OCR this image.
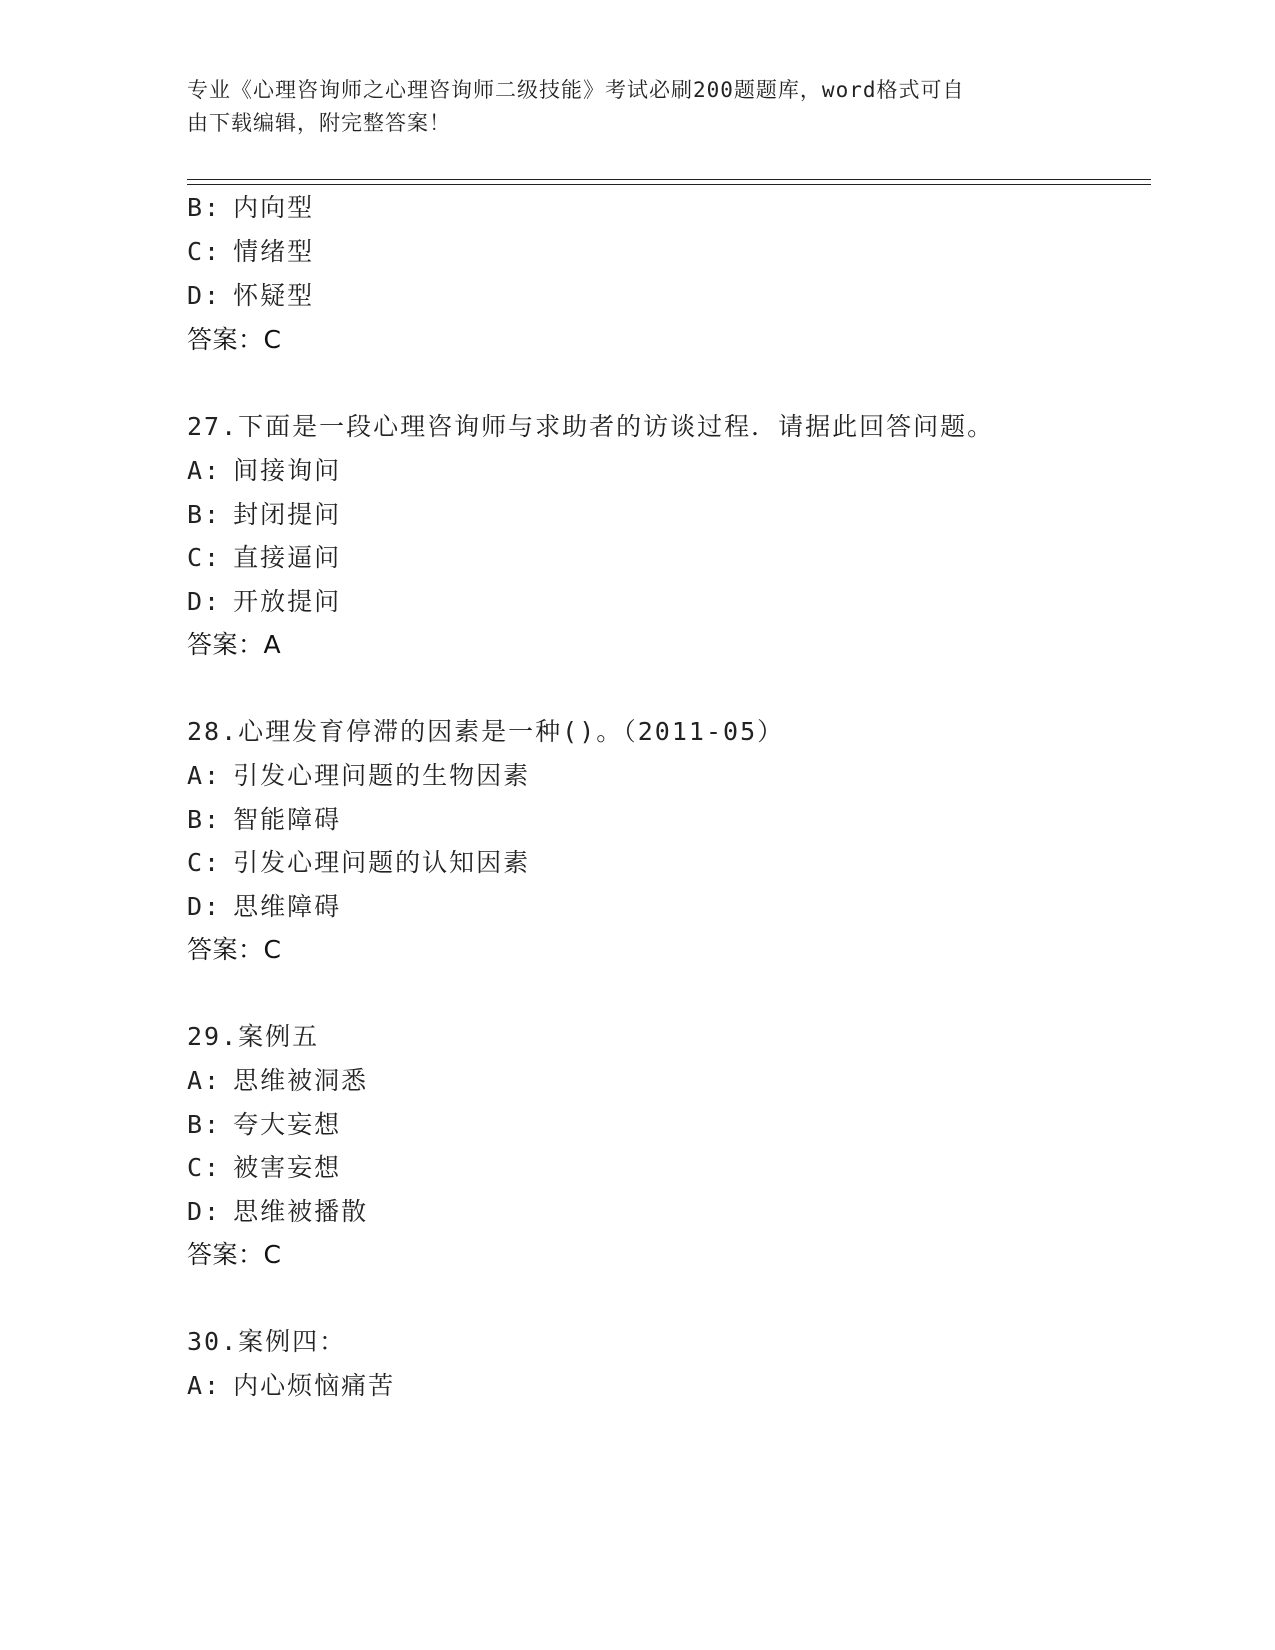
专业《心理咨询师之心理咨询师二级技能》考试必刷200题题库，word格式可自
由下载编辑，附完整答案！
B: 内向型
C: 情绪型
D: 怀疑型
答案：C
27.下面是一段心理咨询师与求助者的访谈过程．请据此回答问题。
A: 间接询问
B: 封闭提问
C: 直接逼问
D: 开放提问
答案：A
28.心理发育停滞的因素是一种()。（2011-05）
A: 引发心理问题的生物因素
B: 智能障碍
C: 引发心理问题的认知因素
D: 思维障碍
答案：C
29.案例五
A: 思维被洞悉
B: 夸大妄想
C: 被害妄想
D: 思维被播散
答案：C
30.案例四：
A: 内心烦恼痛苦
